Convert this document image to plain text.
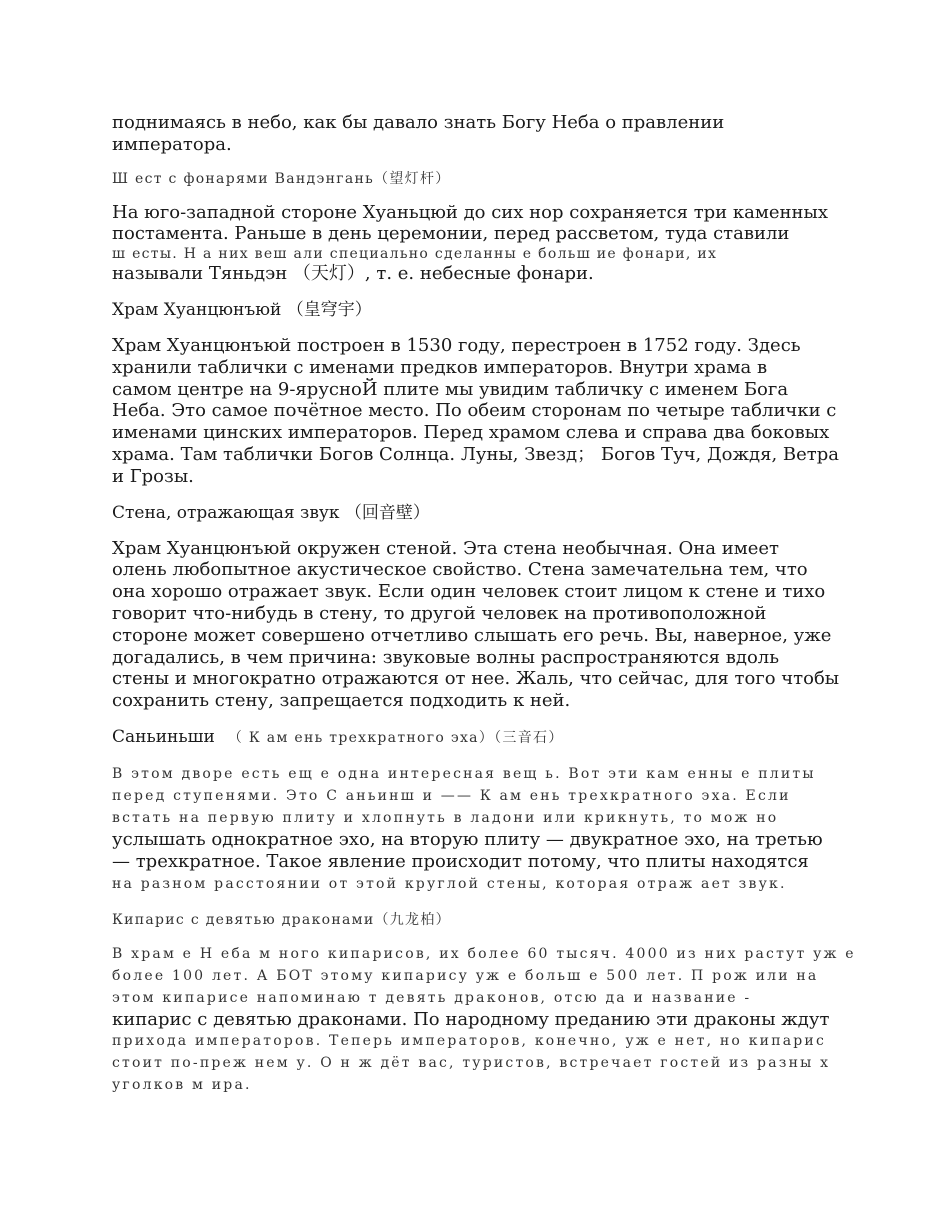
поднимаясь в небо, как бы давало знать Богу Неба о правлении
императора.

Ш ест с фонарями Вандэнгань（望灯杆）

На юго-западной стороне Хуаньцюй до сих нор сохраняется три каменных
постамента. Раньше в день церемонии, перед рассветом, туда ставили
ш есты. Н а них веш али специально сделанны е больш ие фонари, их
называли Тяньдэн （天灯）, т. е. небесные фонари.

Храм Хуанцюнъюй （皇穹宇）

Храм Хуанцюнъюй построен в 1530 году, перестроен в 1752 году. Здесь
хранили таблички с именами предков императоров. Внутри храма в
самом центре на 9-ярусноЙ плите мы увидим табличку с именем Бога
Неба. Это самое почётное место. По обеим сторонам по четыре таблички с
именами цинских императоров. Перед храмом слева и справа два боковых
храма. Там таблички Богов Солнца. Луны, Звезд； Богов Туч, Дождя, Ветра
и Грозы.

Стена, отражающая звук （回音壁）

Храм Хуанцюнъюй окружен стеной. Эта стена необычная. Она имеет
олень любопытное акустическое свойство. Стена замечательна тем, что
она хорошо отражает звук. Если один человек стоит лицом к стене и тихо
говорит что-нибудь в стену, то другой человек на противоположной
стороне может совершено отчетливо слышать его речь. Вы, наверное, уже
догадались, в чем причина: звуковые волны распространяются вдоль
стены и многократно отражаются от нее. Жаль, что сейчас, для того чтобы
сохранить стену, запрещается подходить к ней.

Саньиньши （ К ам ень трехкратного эха）（三音石）

В этом дворе есть ещ е одна интересная вещ ь. Вот эти кам енны е плиты
перед ступенями. Это С аньинш и —— К ам ень трехкратного эха. Если
встать на первую плиту и хлопнуть в ладони или крикнуть, то мож но
услышать однократное эхо, на вторую плиту — двукратное эхо, на третью
— трехкратное. Такое явление происходит потому, что плиты находятся
на разном расстоянии от этой круглой стены, которая отраж ает звук.

Кипарис с девятью драконами（九龙柏）

В храм е Н еба м ного кипарисов, их более 60 тысяч. 4000 из них растут уж е
более 100 лет. А БОТ этому кипарису уж е больш е 500 лет. П рож или на
этом кипарисе напоминаю т девять драконов, отсю да и название -
кипарис с девятью драконами. По народному преданию эти драконы ждут
прихода императоров. Теперь императоров, конечно, уж е нет, но кипарис
стоит по-преж нем у. О н ж дёт вас, туристов, встречает гостей из разны х
уголков м ира.
